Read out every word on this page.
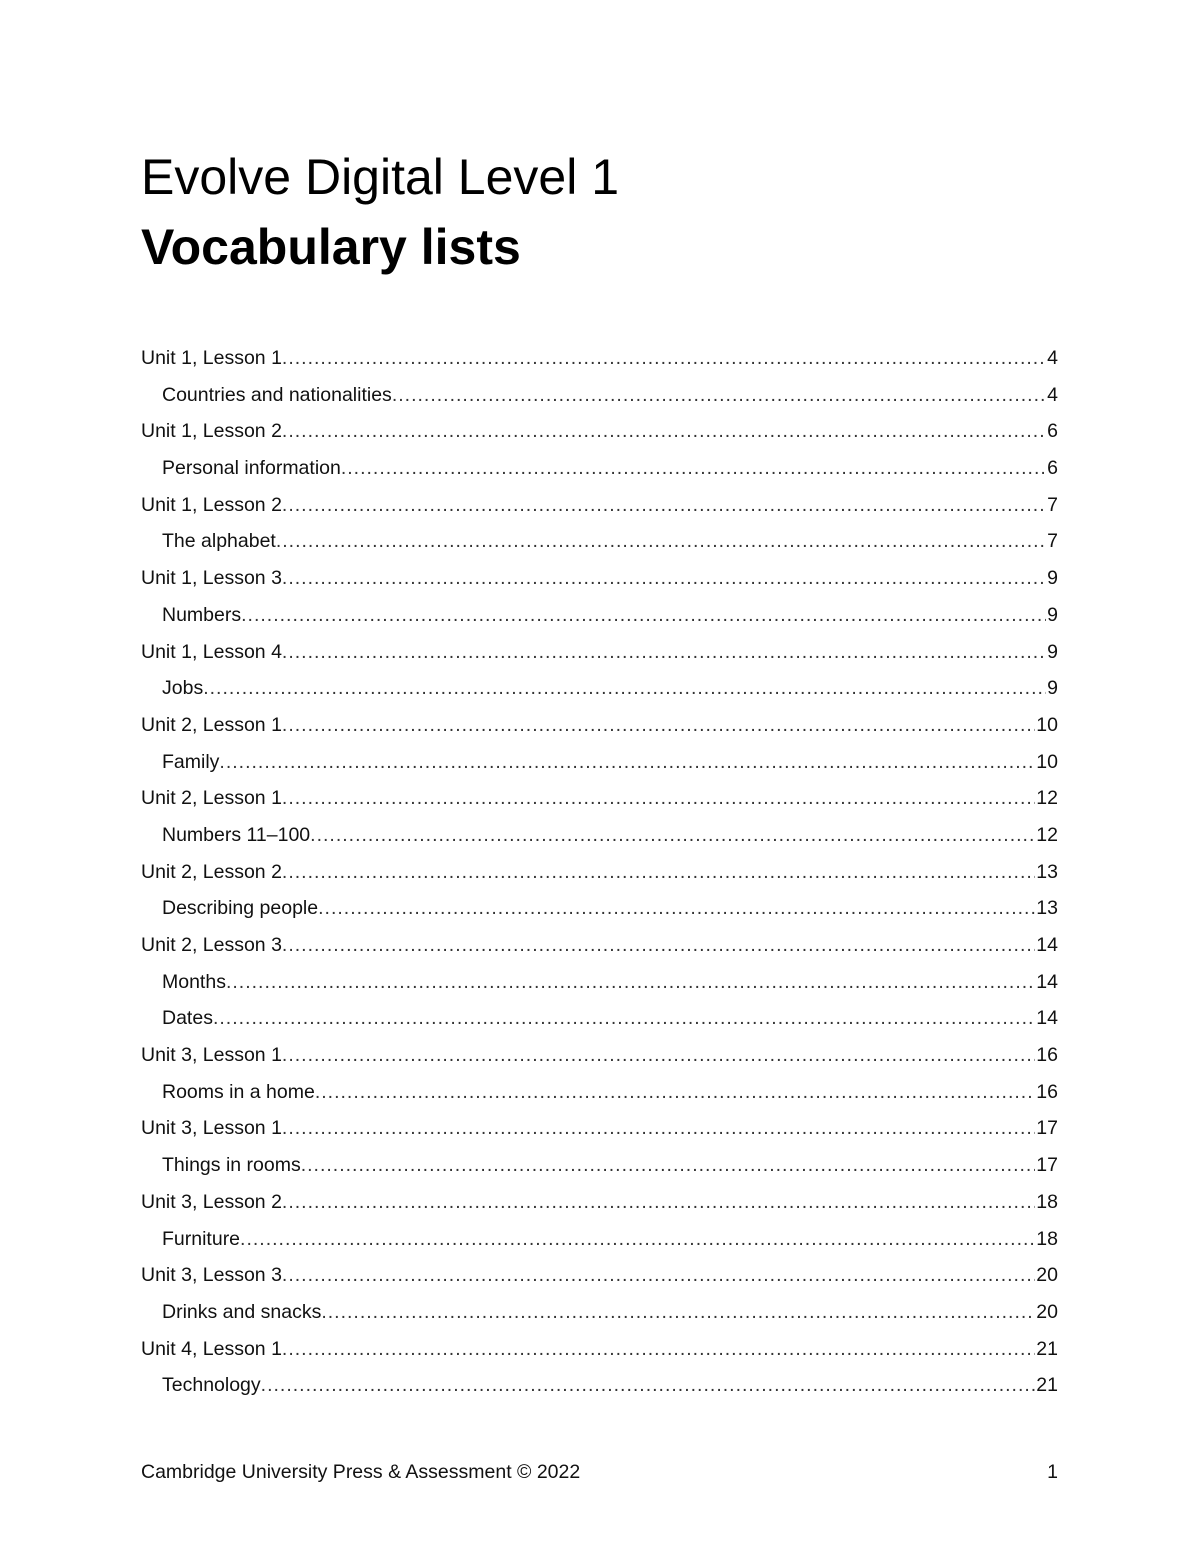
Evolve Digital Level 1
Vocabulary lists
Unit 1, Lesson 1 .....	4
Countries and nationalities .....	4
Unit 1, Lesson 2 .....	6
Personal information .....	6
Unit 1, Lesson 2 .....	7
The alphabet .....	7
Unit 1, Lesson 3 .....	9
Numbers .....	9
Unit 1, Lesson 4 .....	9
Jobs .....	9
Unit 2, Lesson 1 .....	10
Family .....	10
Unit 2, Lesson 1 .....	12
Numbers 11–100 .....	12
Unit 2, Lesson 2 .....	13
Describing people .....	13
Unit 2, Lesson 3 .....	14
Months .....	14
Dates .....	14
Unit 3, Lesson 1 .....	16
Rooms in a home .....	16
Unit 3, Lesson 1 .....	17
Things in rooms .....	17
Unit 3, Lesson 2 .....	18
Furniture .....	18
Unit 3, Lesson 3 .....	20
Drinks and snacks .....	20
Unit 4, Lesson 1 .....	21
Technology .....	21
Cambridge University Press & Assessment © 2022	1
